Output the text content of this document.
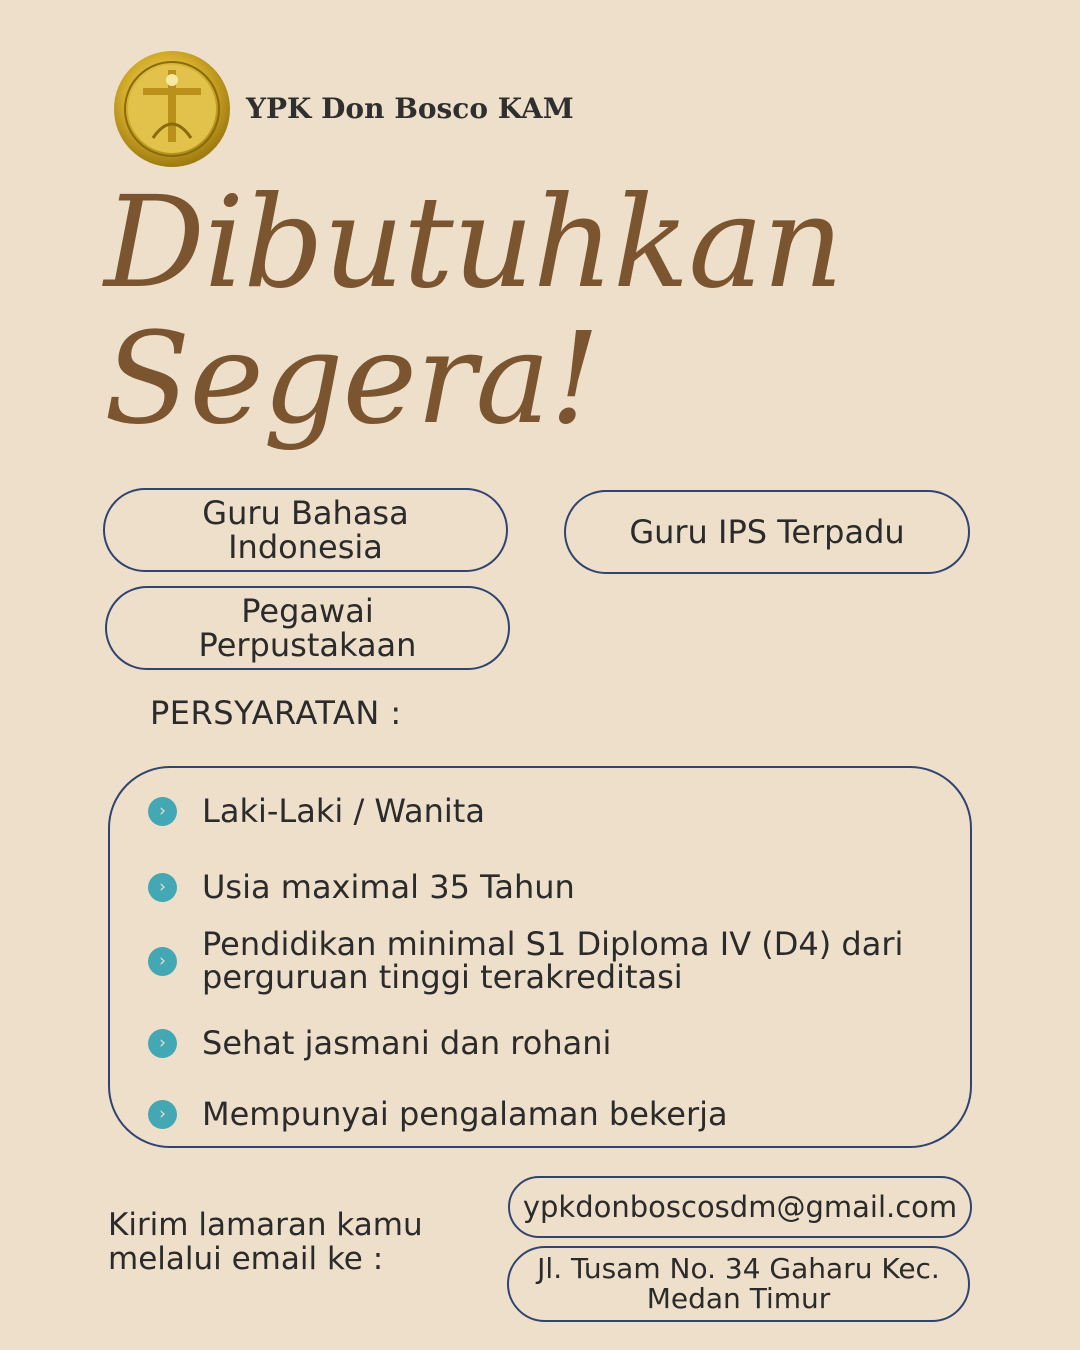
YPK Don Bosco KAM
Dibutuhkan
Segera!
Guru Bahasa
Indonesia	Guru IPS Terpadu
Pegawai
Perpustakaan
PERSYARATAN :
›	Laki-Laki / Wanita
›	Usia maximal 35 Tahun
›	Pendidikan minimal S1 Diploma IV (D4) dari
perguruan tinggi terakreditasi
›	Sehat jasmani dan rohani
›	Mempunyai pengalaman bekerja
Kirim lamaran kamu
melalui email ke :
ypkdonboscosdm@gmail.com
Jl. Tusam No. 34 Gaharu Kec.
Medan Timur
